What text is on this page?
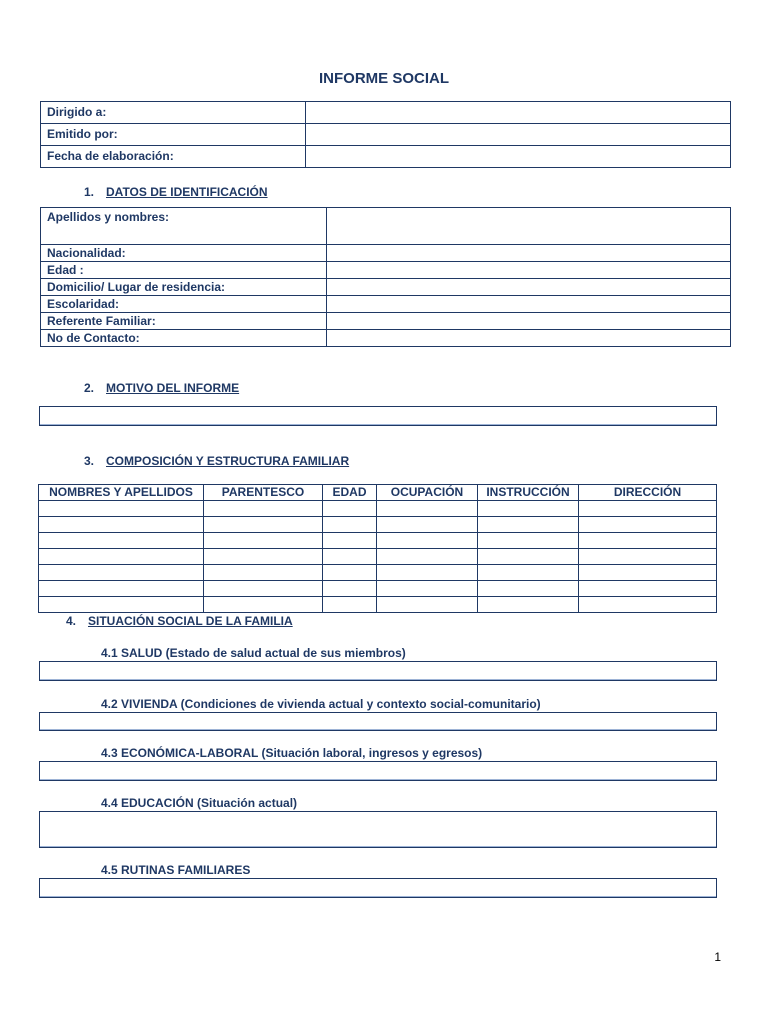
INFORME SOCIAL
Dirigido a:	
Emitido por:	
Fecha de elaboración:	
1. DATOS DE IDENTIFICACIÓN
Apellidos y nombres:	
Nacionalidad:	
Edad :	
Domicilio/ Lugar de residencia:	
Escolaridad:	
Referente Familiar:	
No de Contacto:	
2. MOTIVO DEL INFORME
3. COMPOSICIÓN Y ESTRUCTURA FAMILIAR
NOMBRES Y APELLIDOS	PARENTESCO	EDAD	OCUPACIÓN	INSTRUCCIÓN	DIRECCIÓN

4. SITUACIÓN SOCIAL DE LA FAMILIA
4.1 SALUD (Estado de salud actual de sus miembros)
4.2 VIVIENDA (Condiciones de vivienda actual y contexto social-comunitario)
4.3 ECONÓMICA-LABORAL (Situación laboral, ingresos y egresos)
4.4 EDUCACIÓN (Situación actual)
4.5 RUTINAS FAMILIARES
1
